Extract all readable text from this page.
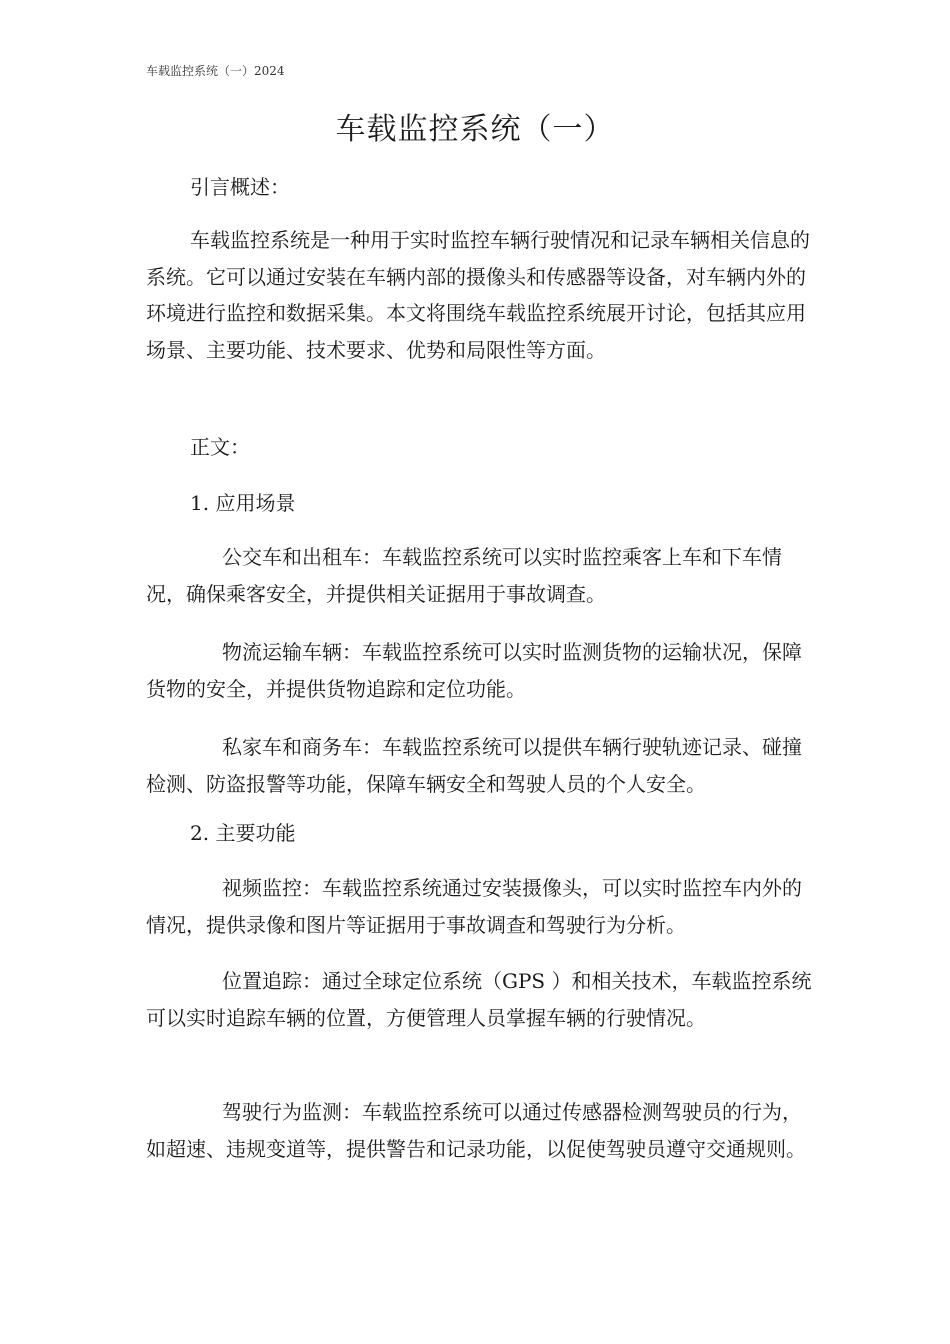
车载监控系统（一）2024
车载监控系统（一）
引言概述：
车载监控系统是一种用于实时监控车辆行驶情况和记录车辆相关信息的系统。它可以通过安装在车辆内部的摄像头和传感器等设备，对车辆内外的环境进行监控和数据采集。本文将围绕车载监控系统展开讨论，包括其应用场景、主要功能、技术要求、优势和局限性等方面。
正文：
1. 应用场景
公交车和出租车：车载监控系统可以实时监控乘客上车和下车情况，确保乘客安全，并提供相关证据用于事故调查。
物流运输车辆：车载监控系统可以实时监测货物的运输状况，保障货物的安全，并提供货物追踪和定位功能。
私家车和商务车：车载监控系统可以提供车辆行驶轨迹记录、碰撞检测、防盗报警等功能，保障车辆安全和驾驶人员的个人安全。
2. 主要功能
视频监控：车载监控系统通过安装摄像头，可以实时监控车内外的情况，提供录像和图片等证据用于事故调查和驾驶行为分析。
位置追踪：通过全球定位系统（GPS ）和相关技术，车载监控系统可以实时追踪车辆的位置，方便管理人员掌握车辆的行驶情况。
驾驶行为监测：车载监控系统可以通过传感器检测驾驶员的行为，如超速、违规变道等，提供警告和记录功能，以促使驾驶员遵守交通规则。
